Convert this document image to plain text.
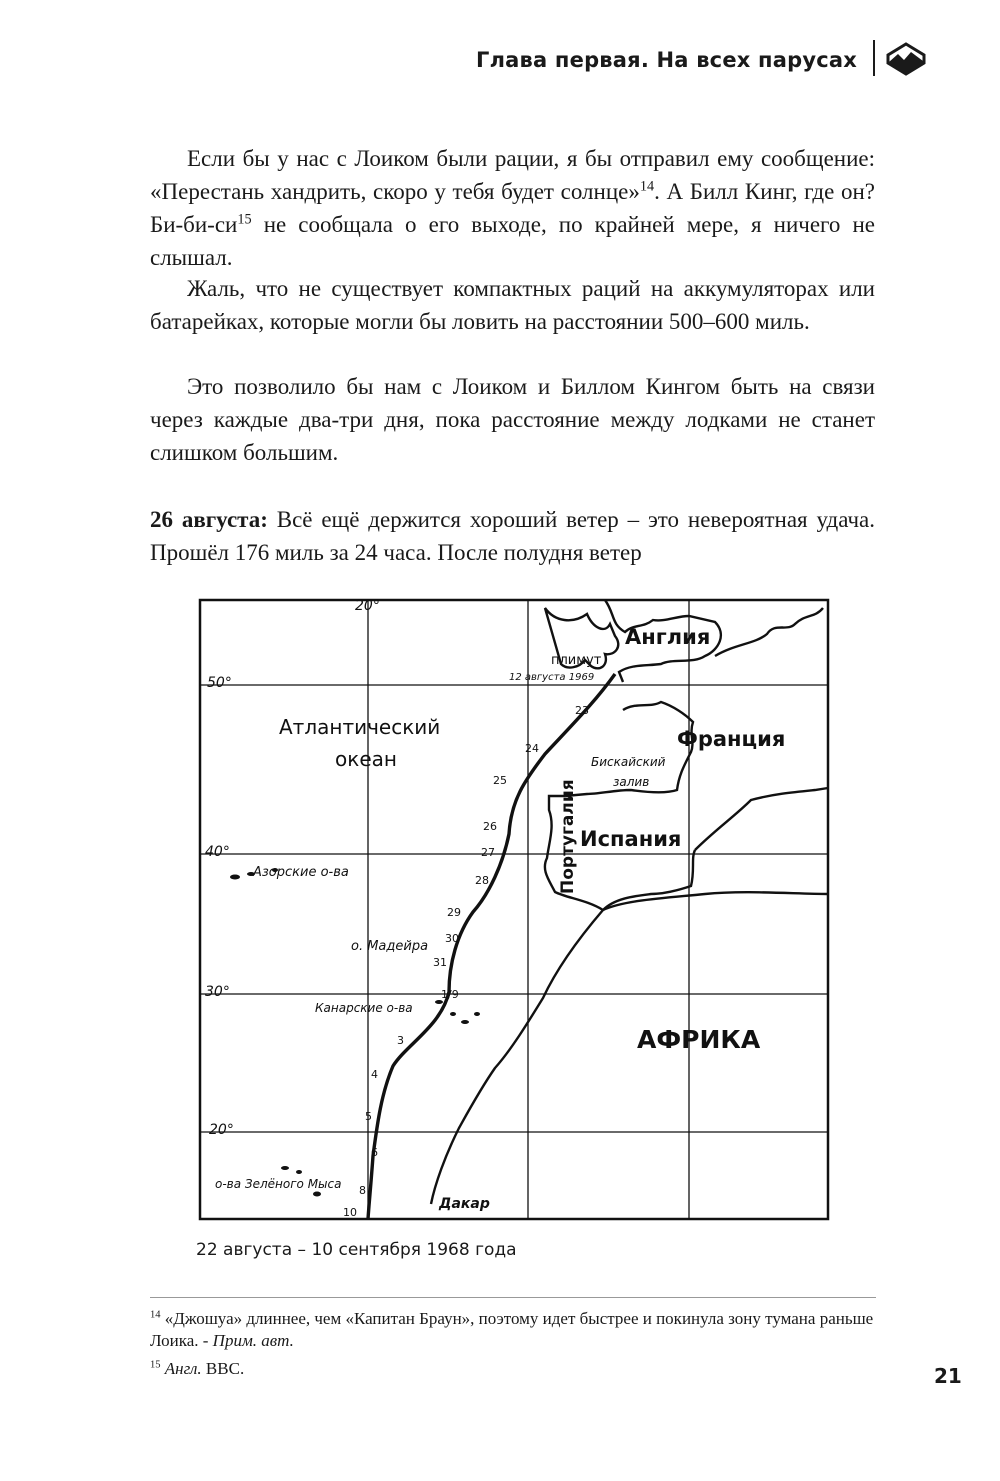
Глава первая. На всех парусах

Если бы у нас с Лоиком были рации, я бы отправил ему сообщение: «Перестань хандрить, скоро у тебя будет солнце»$^{14}$. А Билл Кинг, где он? $Би-би-си^{15}$ не сообщала о его выходе, по крайней мере, я ничего не слышал.

Жаль, что не существует компактных раций на аккумуляторах или батарейках, которые могли бы ловить на расстоянии 500–600 миль.

Это позволило бы нам с Лоиком и Биллом Кингом быть на связи через каждые два-три дня, пока расстояние между лодками не станет слишком большим.

26 августа: Всё ещё держится хороший ветер – это невероятная удача. Прошёл 176 миль за 24 часа. После полудня ветер

50°
40°
30°
20°
20°
Англия
Франция
Испания
Португалия
АФРИКА
Атлантический
океан	Бискайский
залив
плимут
12 августа 1969
Азорские о-ва
о. Мадейра
Канарские о-ва
о-ва Зелёного Мыса
Дакар
23
24
25
26
27
28
29
30
31
1/9
3
4
5
6
8
10
22 августа – 10 сентября 1968 года

$^{14}$ «Джошуа» длиннее, чем «Капитан Браун», поэтому идет быстрее и покинула зону тумана раньше Лоика. - Прим. авт.

$^{15}$ Англ. BBC.	21
